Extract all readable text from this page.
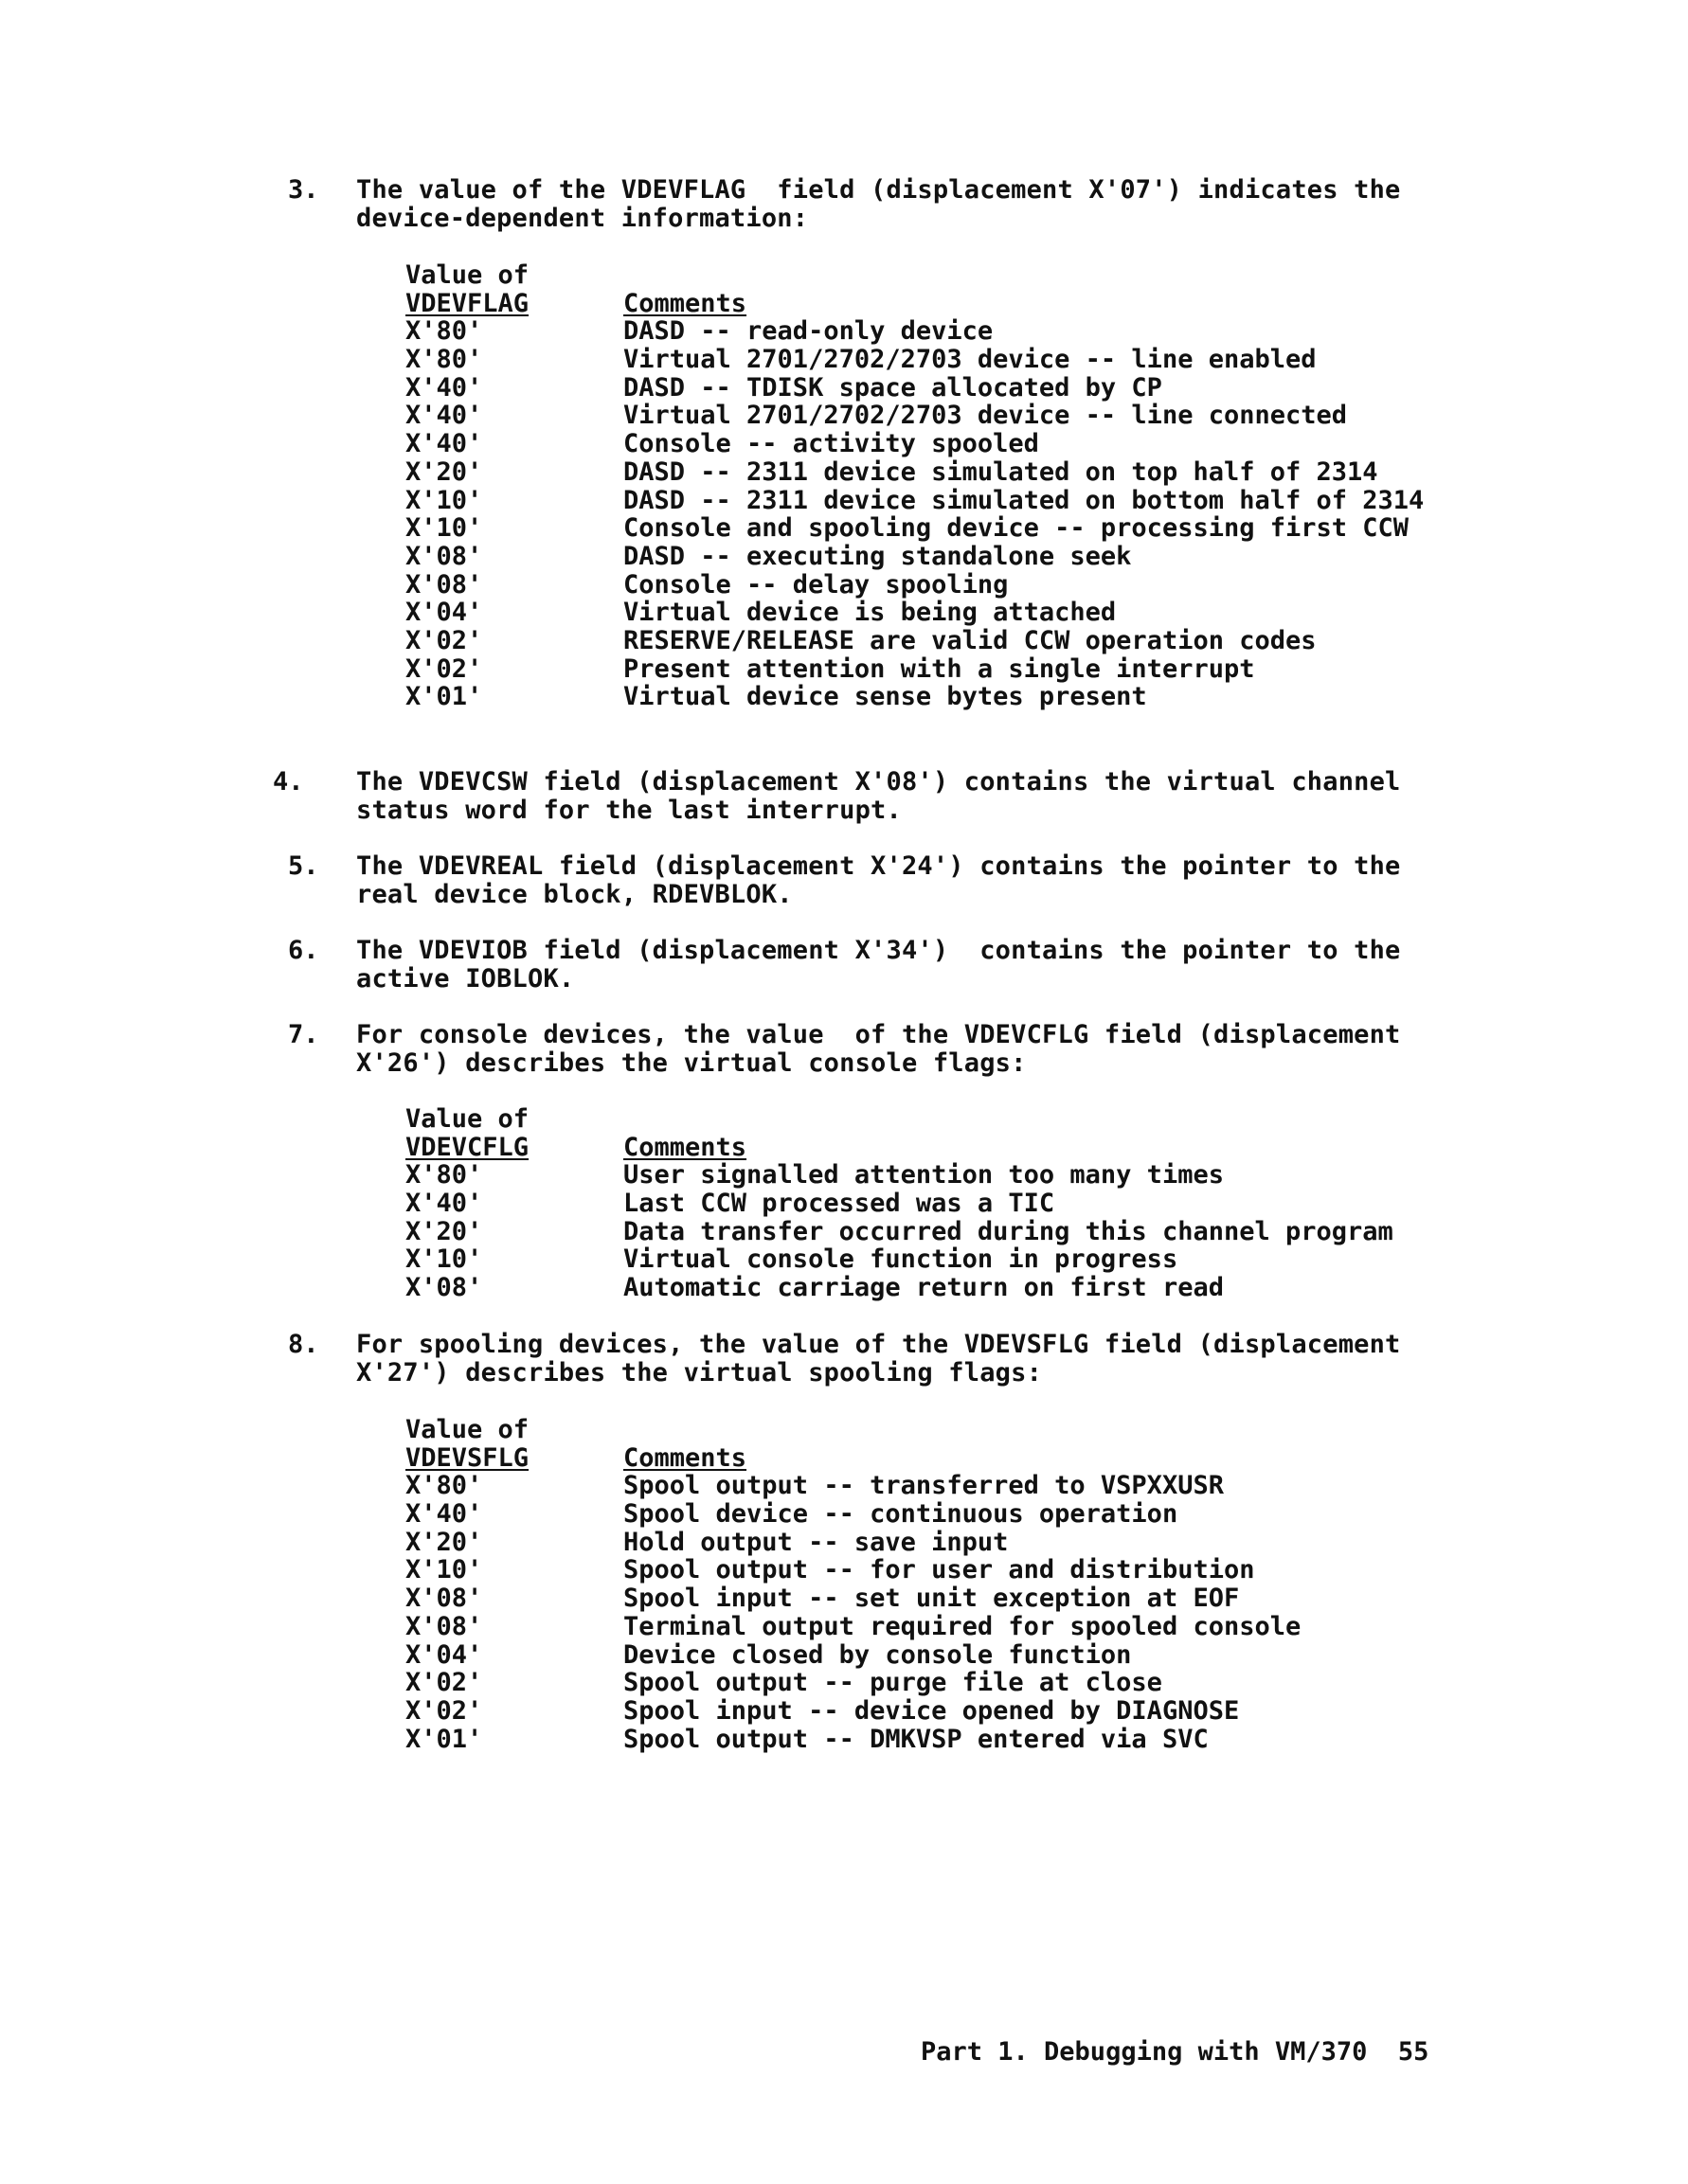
3. The value of the VDEVFLAG  field (displacement X'07') indicates the
device-dependent information:

Value of

VDEVFLAG

	Comments

X'80'	DASD -- read-only device
X'80'	Virtual 2701/2702/2703 device -- line enabled
X'40'	DASD -- TDISK space allocated by CP
X'40'	Virtual 2701/2702/2703 device -- line connected
X'40'	Console -- activity spooled
X'20'	DASD -- 2311 device simulated on top half of 2314
X'10'	DASD -- 2311 device simulated on bottom half of 2314
X'10'	Console and spooling device -- processing first CCW
X'08'	DASD -- executing standalone seek
X'08'	Console -- delay spooling
X'04'	Virtual device is being attached
X'02'	RESERVE/RELEASE are valid CCW operation codes
X'02'	Present attention with a single interrupt
X'01'	Virtual device sense bytes present
4. The VDEVCSW field (displacement X'08') contains the virtual channel
status word for the last interrupt.
5. The VDEVREAL field (displacement X'24') contains the pointer to the
real device block, RDEVBLOK.
6. The VDEVIOB field (displacement X'34')  contains the pointer to the
active IOBLOK.
7. For console devices, the value  of the VDEVCFLG field (displacement
X'26') describes the virtual console flags:

Value of

VDEVCFLG

	Comments

X'80'	User signalled attention too many times
X'40'	Last CCW processed was a TIC
X'20'	Data transfer occurred during this channel program
X'10'	Virtual console function in progress
X'08'	Automatic carriage return on first read
8. For spooling devices, the value of the VDEVSFLG field (displacement
X'27') describes the virtual spooling flags:

Value of

VDEVSFLG

	Comments

X'80'	Spool output -- transferred to VSPXXUSR
X'40'	Spool device -- continuous operation
X'20'	Hold output -- save input
X'10'	Spool output -- for user and distribution
X'08'	Spool input -- set unit exception at EOF
X'08'	Terminal output required for spooled console
X'04'	Device closed by console function
X'02'	Spool output -- purge file at close
X'02'	Spool input -- device opened by DIAGNOSE
X'01'	Spool output -- DMKVSP entered via SVC
Part 1. Debugging with VM/370 55
